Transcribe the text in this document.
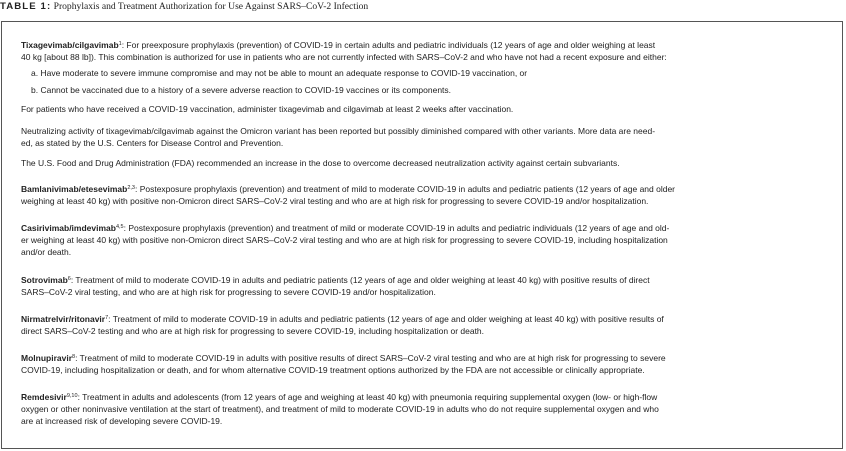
TABLE 1: Prophylaxis and Treatment Authorization for Use Against SARS–CoV-2 Infection
Tixagevimab/cilgavimab$^1$: For preexposure prophylaxis (prevention) of COVID-19 in certain adults and pediatric individuals (12 years of age and older weighing at least
40 kg [about 88 lb]). This combination is authorized for use in patients who are not currently infected with SARS–CoV-2 and who have not had a recent exposure and either:
a. Have moderate to severe immune compromise and may not be able to mount an adequate response to COVID-19 vaccination, or
b. Cannot be vaccinated due to a history of a severe adverse reaction to COVID-19 vaccines or its components.
For patients who have received a COVID-19 vaccination, administer tixagevimab and cilgavimab at least 2 weeks after vaccination.
Neutralizing activity of tixagevimab/cilgavimab against the Omicron variant has been reported but possibly diminished compared with other variants. More data are need-
ed, as stated by the U.S. Centers for Disease Control and Prevention.
The U.S. Food and Drug Administration (FDA) recommended an increase in the dose to overcome decreased neutralization activity against certain subvariants.
Bamlanivimab/etesevimab$^{2,3}$: Postexposure prophylaxis (prevention) and treatment of mild to moderate COVID-19 in adults and pediatric patients (12 years of age and older
weighing at least 40 kg) with positive non-Omicron direct SARS–CoV-2 viral testing and who are at high risk for progressing to severe COVID-19 and/or hospitalization.
Casirivimab/imdevimab$^{4,5}$: Postexposure prophylaxis (prevention) and treatment of mild or moderate COVID-19 in adults and pediatric individuals (12 years of age and old-
er weighing at least 40 kg) with positive non-Omicron direct SARS–CoV-2 viral testing and who are at high risk for progressing to severe COVID-19, including hospitalization
and/or death.
Sotrovimab$^6$: Treatment of mild to moderate COVID-19 in adults and pediatric patients (12 years of age and older weighing at least 40 kg) with positive results of direct
SARS–CoV-2 viral testing, and who are at high risk for progressing to severe COVID-19 and/or hospitalization.
Nirmatrelvir/ritonavir$^7$: Treatment of mild to moderate COVID-19 in adults and pediatric patients (12 years of age and older weighing at least 40 kg) with positive results of
direct SARS–CoV-2 testing and who are at high risk for progressing to severe COVID-19, including hospitalization or death.
Molnupiravir$^8$: Treatment of mild to moderate COVID-19 in adults with positive results of direct SARS–CoV-2 viral testing and who are at high risk for progressing to severe
COVID-19, including hospitalization or death, and for whom alternative COVID-19 treatment options authorized by the FDA are not accessible or clinically appropriate.
Remdesivir$^{9,10}$: Treatment in adults and adolescents (from 12 years of age and weighing at least 40 kg) with pneumonia requiring supplemental oxygen (low- or high-flow
oxygen or other noninvasive ventilation at the start of treatment), and treatment of mild to moderate COVID-19 in adults who do not require supplemental oxygen and who
are at increased risk of developing severe COVID-19.
